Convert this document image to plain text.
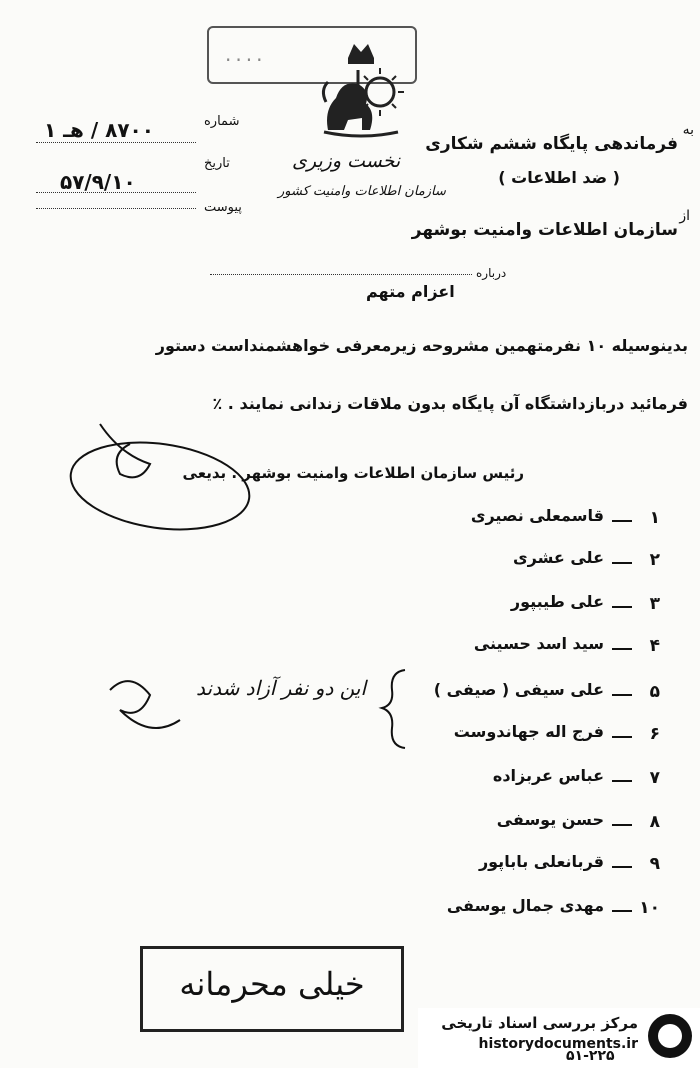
....
شماره
۸۷۰۰ / هـ ۱
تاریخ
۵۷/۹/۱۰
پیوست
به
فرماندهی پایگاه ششم شکاری
( ضد اطلاعات )
نخست وزیری
سازمان اطلاعات وامنیت کشور
از
سازمان اطلاعات وامنیت بوشهر
درباره
اعزام متهم
بدینوسیله ۱۰ نفرمتهمین مشروحه زیرمعرفی خواهشمنداست دستور
فرمائید دربازداشتگاه آن پایگاه بدون ملاقات زندانی نمایند . ٪
رئیس سازمان اطلاعات وامنیت بوشهر . بدیعی
۱
قاسمعلی نصیری
۲
علی عشری
۳
علی طیبپور
۴
سید اسد حسینی
۵
علی سیفی ( صیفی )
۶
فرج اله جهاندوست
۷
عباس عربزاده
۸
حسن یوسفی
۹
قربانعلی باباپور
۱۰
مهدی جمال یوسفی
این دو نفر آزاد شدند
خیلی محرمانه
مرکز بررسی اسناد تاریخی
historydocuments.ir
۵۱-۲۲۵
